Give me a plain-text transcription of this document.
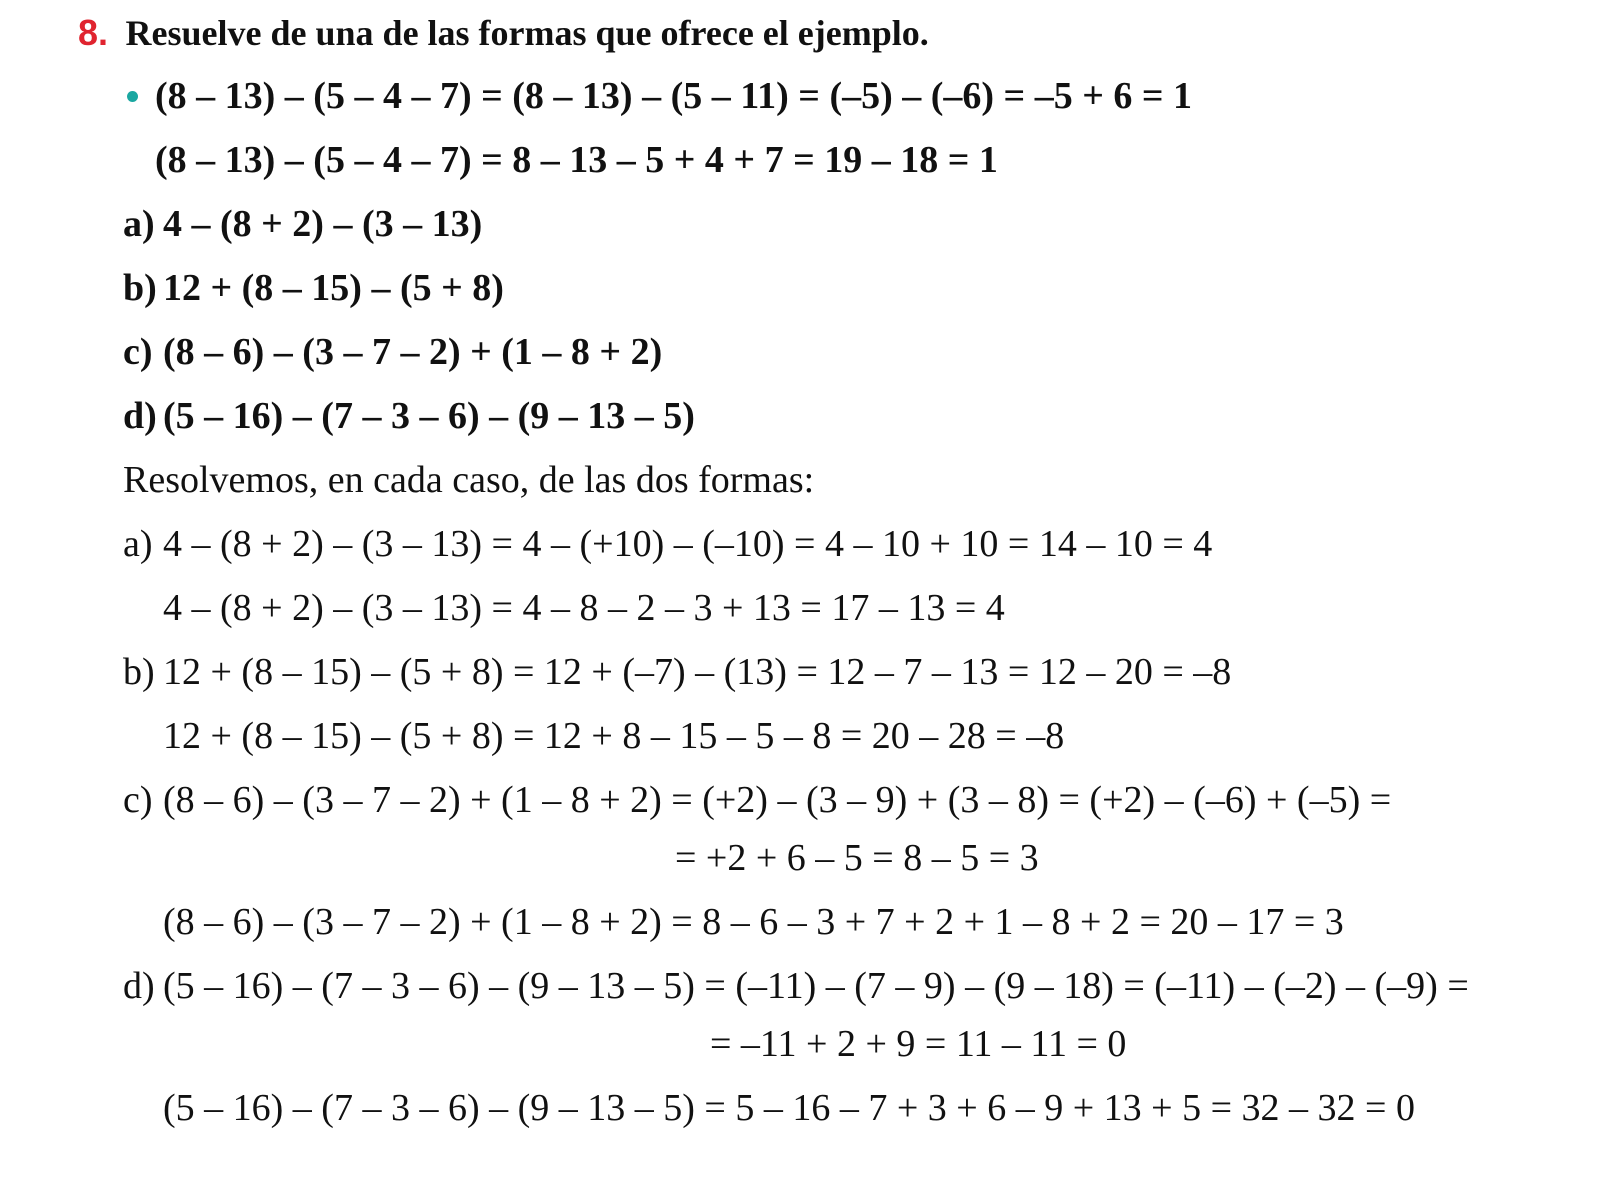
8. Resuelve de una de las formas que ofrece el ejemplo.
(8 – 13) – (5 – 4 – 7) = (8 – 13) – (5 – 11) = (–5) – (–6) = –5 + 6 = 1
(8 – 13) – (5 – 4 – 7) = 8 – 13 – 5 + 4 + 7 = 19 – 18 = 1
a) 4 – (8 + 2) – (3 – 13)
b) 12 + (8 – 15) – (5 + 8)
c) (8 – 6) – (3 – 7 – 2) + (1 – 8 + 2)
d) (5 – 16) – (7 – 3 – 6) – (9 – 13 – 5)
Resolvemos, en cada caso, de las dos formas:
a) 4 – (8 + 2) – (3 – 13) = 4 – (+10) – (–10) = 4 – 10 + 10 = 14 – 10 = 4
4 – (8 + 2) – (3 – 13) = 4 – 8 – 2 – 3 + 13 = 17 – 13 = 4
b) 12 + (8 – 15) – (5 + 8) = 12 + (–7) – (13) = 12 – 7 – 13 = 12 – 20 = –8
12 + (8 – 15) – (5 + 8) = 12 + 8 – 15 – 5 – 8 = 20 – 28 = –8
c) (8 – 6) – (3 – 7 – 2) + (1 – 8 + 2) = (+2) – (3 – 9) + (3 – 8) = (+2) – (–6) + (–5) =
= +2 + 6 – 5 = 8 – 5 = 3
(8 – 6) – (3 – 7 – 2) + (1 – 8 + 2) = 8 – 6 – 3 + 7 + 2 + 1 – 8 + 2 = 20 – 17 = 3
d) (5 – 16) – (7 – 3 – 6) – (9 – 13 – 5) = (–11) – (7 – 9) – (9 – 18) = (–11) – (–2) – (–9) =
= –11 + 2 + 9 = 11 – 11 = 0
(5 – 16) – (7 – 3 – 6) – (9 – 13 – 5) = 5 – 16 – 7 + 3 + 6 – 9 + 13 + 5 = 32 – 32 = 0
